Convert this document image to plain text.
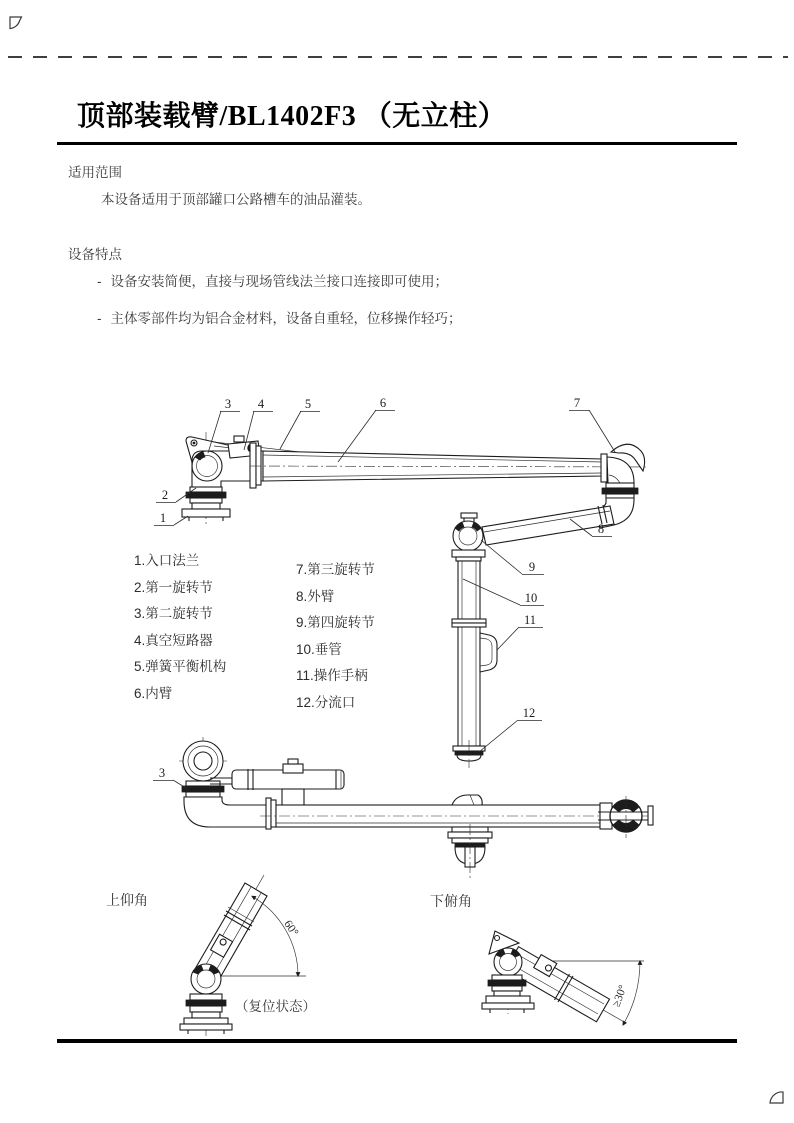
顶部装载臂/BL1402F3 （无立柱）
适用范围
本设备适用于顶部罐口公路槽车的油品灌装。
设备特点
- 设备安装简便，直接与现场管线法兰接口连接即可使用；
- 主体零部件均为铝合金材料，设备自重轻，位移操作轻巧；
3 4	5	6	7
2
1
8
9
10
11
12
3
60°
≥30°
1.入口法兰
2.第一旋转节
3.第二旋转节
4.真空短路器
5.弹簧平衡机构
6.内臂
7.第三旋转节
8.外臂
9.第四旋转节
10.垂管
11.操作手柄
12.分流口
上仰角	下俯角
（复位状态）
